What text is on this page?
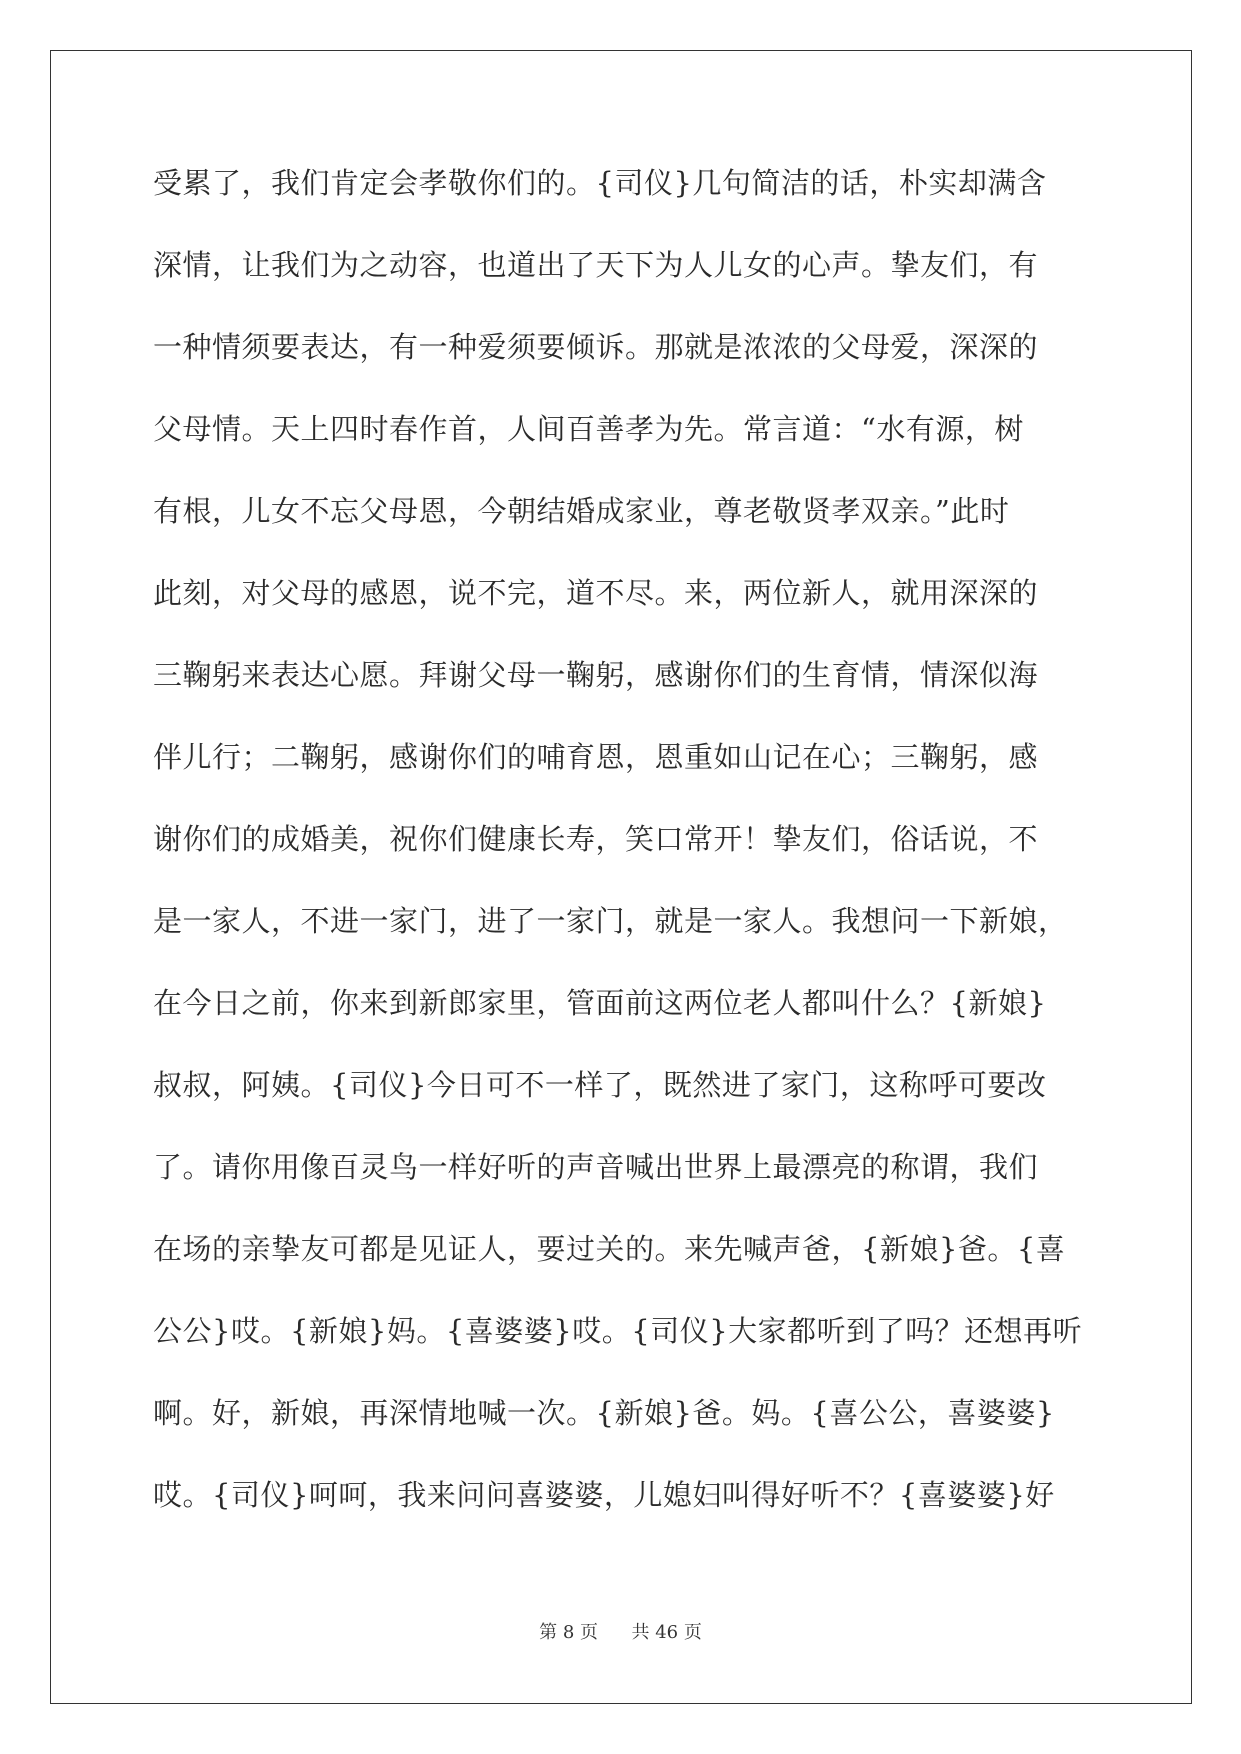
受累了，我们肯定会孝敬你们的。{司仪}几句简洁的话，朴实却满含
深情，让我们为之动容，也道出了天下为人儿女的心声。挚友们，有
一种情须要表达，有一种爱须要倾诉。那就是浓浓的父母爱，深深的
父母情。天上四时春作首，人间百善孝为先。常言道：“水有源，树
有根，儿女不忘父母恩，今朝结婚成家业，尊老敬贤孝双亲。”此时
此刻，对父母的感恩，说不完，道不尽。来，两位新人，就用深深的
三鞠躬来表达心愿。拜谢父母一鞠躬，感谢你们的生育情，情深似海
伴儿行；二鞠躬，感谢你们的哺育恩，恩重如山记在心；三鞠躬，感
谢你们的成婚美，祝你们健康长寿，笑口常开！挚友们，俗话说，不
是一家人，不进一家门，进了一家门，就是一家人。我想问一下新娘，
在今日之前，你来到新郎家里，管面前这两位老人都叫什么？{新娘}
叔叔，阿姨。{司仪}今日可不一样了，既然进了家门，这称呼可要改
了。请你用像百灵鸟一样好听的声音喊出世界上最漂亮的称谓，我们
在场的亲挚友可都是见证人，要过关的。来先喊声爸，{新娘}爸。{喜
公公}哎。{新娘}妈。{喜婆婆}哎。{司仪}大家都听到了吗？还想再听
啊。好，新娘，再深情地喊一次。{新娘}爸。妈。{喜公公，喜婆婆}
哎。{司仪}呵呵，我来问问喜婆婆，儿媳妇叫得好听不？{喜婆婆}好
第 8 页 共 46 页
